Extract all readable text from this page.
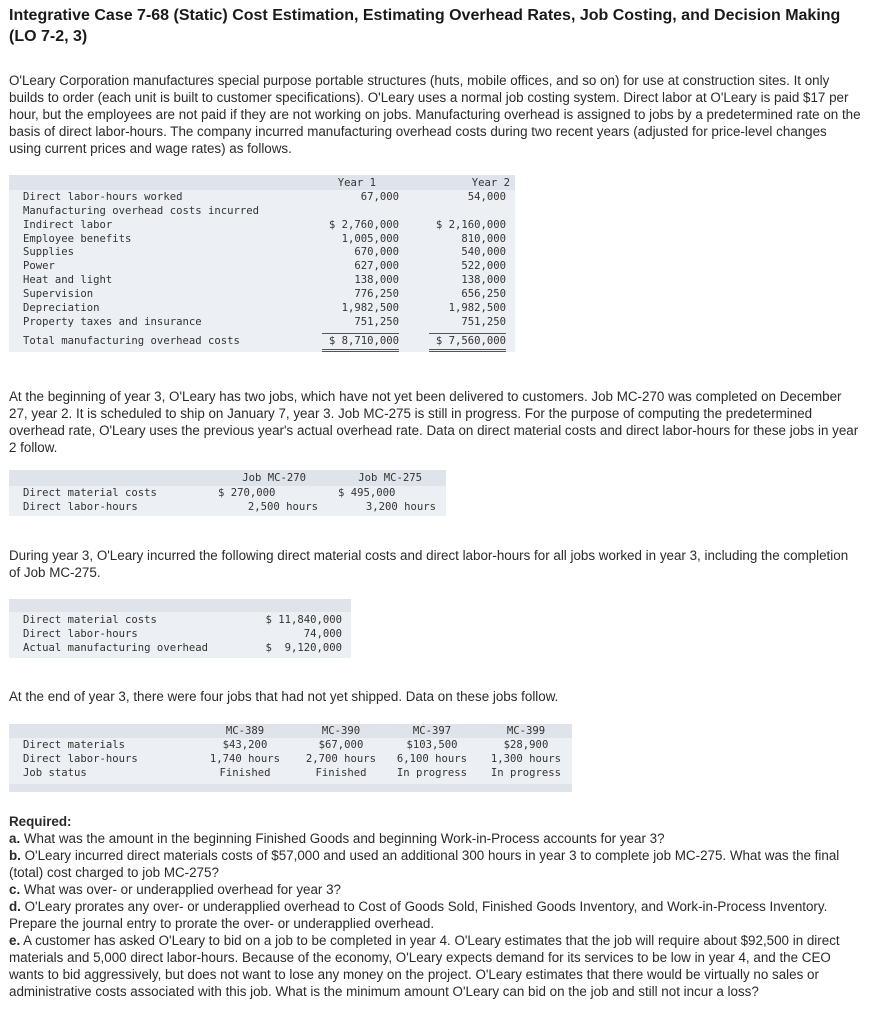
Integrative Case 7-68 (Static) Cost Estimation, Estimating Overhead Rates, Job Costing, and Decision Making (LO 7-2, 3)
O'Leary Corporation manufactures special purpose portable structures (huts, mobile offices, and so on) for use at construction sites. It only builds to order (each unit is built to customer specifications). O'Leary uses a normal job costing system. Direct labor at O'Leary is paid $17 per hour, but the employees are not paid if they are not working on jobs. Manufacturing overhead is assigned to jobs by a predetermined rate on the basis of direct labor-hours. The company incurred manufacturing overhead costs during two recent years (adjusted for price-level changes using current prices and wage rates) as follows.
Year 1	Year 2
Direct labor-hours worked	67,000	54,000
Manufacturing overhead costs incurred
Indirect labor	$ 2,760,000	$ 2,160,000
Employee benefits	1,005,000	810,000
Supplies	670,000	540,000
Power	627,000	522,000
Heat and light	138,000	138,000
Supervision	776,250	656,250
Depreciation	1,982,500	1,982,500
Property taxes and insurance	751,250	751,250
Total manufacturing overhead costs	$ 8,710,000	$ 7,560,000
At the beginning of year 3, O'Leary has two jobs, which have not yet been delivered to customers. Job MC-270 was completed on December 27, year 2. It is scheduled to ship on January 7, year 3. Job MC-275 is still in progress. For the purpose of computing the predetermined overhead rate, O'Leary uses the previous year's actual overhead rate. Data on direct material costs and direct labor-hours for these jobs in year 2 follow.
Job MC-270	Job MC-275
Direct material costs	$ 270,000	$ 495,000
Direct labor-hours	2,500 hours	3,200 hours
During year 3, O'Leary incurred the following direct material costs and direct labor-hours for all jobs worked in year 3, including the completion of Job MC-275.
Direct material costs	$ 11,840,000
Direct labor-hours	74,000
Actual manufacturing overhead	$  9,120,000
At the end of year 3, there were four jobs that had not yet shipped. Data on these jobs follow.
MC-389	MC-390	MC-397	MC-399
Direct materials	$43,200	$67,000	$103,500	$28,900
Direct labor-hours	1,740 hours	2,700 hours	6,100 hours	1,300 hours
Job status	Finished	Finished	In progress	In progress
Required:
a. What was the amount in the beginning Finished Goods and beginning Work-in-Process accounts for year 3?
b. O'Leary incurred direct materials costs of $57,000 and used an additional 300 hours in year 3 to complete job MC-275. What was the final (total) cost charged to job MC-275?
c. What was over- or underapplied overhead for year 3?
d. O'Leary prorates any over- or underapplied overhead to Cost of Goods Sold, Finished Goods Inventory, and Work-in-Process Inventory. Prepare the journal entry to prorate the over- or underapplied overhead.
e. A customer has asked O'Leary to bid on a job to be completed in year 4. O'Leary estimates that the job will require about $92,500 in direct materials and 5,000 direct labor-hours. Because of the economy, O'Leary expects demand for its services to be low in year 4, and the CEO wants to bid aggressively, but does not want to lose any money on the project. O'Leary estimates that there would be virtually no sales or administrative costs associated with this job. What is the minimum amount O'Leary can bid on the job and still not incur a loss?
